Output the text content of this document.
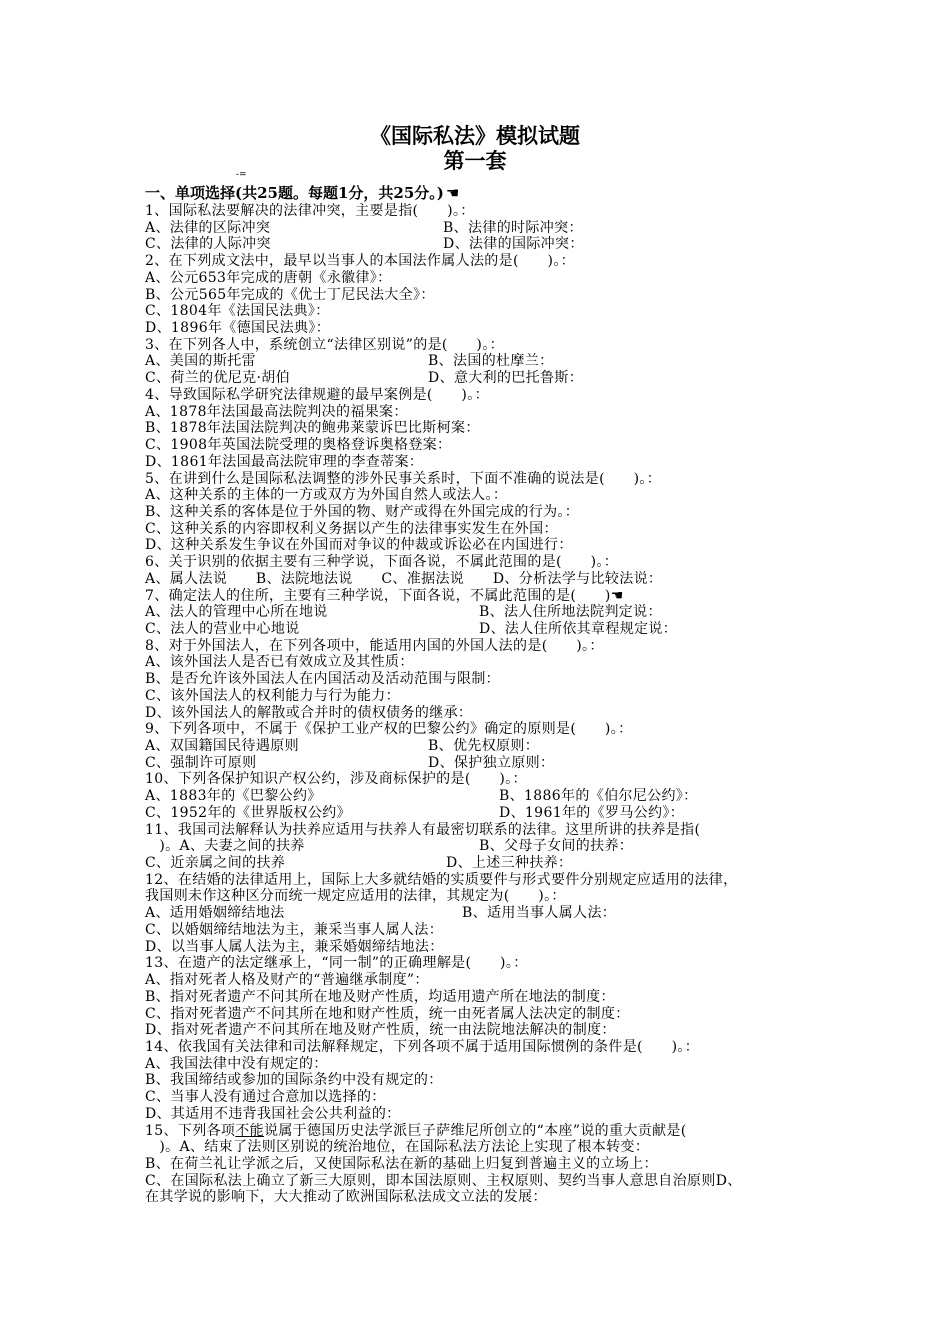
《国际私法》模拟试题
第一套
-=
一、单项选择(共25题。每题1分，共25分。) ☚
1、国际私法要解决的法律冲突，主要是指(　　)。：
A、法律的区际冲突	B、法律的时际冲突：
C、法律的人际冲突	D、法律的国际冲突：
2、在下列成文法中，最早以当事人的本国法作属人法的是(　　)。：
A、公元653年完成的唐朝《永徽律》：
B、公元565年完成的《优士丁尼民法大全》：
C、1804年《法国民法典》：
D、1896年《德国民法典》：
3、在下列各人中，系统创立“法律区别说”的是(　　)。：
A、美国的斯托雷	B、法国的杜摩兰：
C、荷兰的优尼克·胡伯	D、意大利的巴托鲁斯：
4、导致国际私学研究法律规避的最早案例是(　　)。：
A、1878年法国最高法院判决的福果案：
B、1878年法国法院判决的鲍弗莱蒙诉巴比斯柯案：
C、1908年英国法院受理的奥格登诉奥格登案：
D、1861年法国最高法院审理的李查蒂案：
5、在讲到什么是国际私法调整的涉外民事关系时，下面不准确的说法是(　　)。：
A、这种关系的主体的一方或双方为外国自然人或法人。：
B、这种关系的客体是位于外国的物、财产或得在外国完成的行为。：
C、这种关系的内容即权利义务据以产生的法律事实发生在外国：
D、这种关系发生争议在外国而对争议的仲裁或诉讼必在内国进行：
6、关于识别的依据主要有三种学说，下面各说，不属此范围的是(　　)。：
A、属人法说　　B、法院地法说　　C、准据法说　　D、分析法学与比较法说：
7、确定法人的住所，主要有三种学说，下面各说，不属此范围的是(　　)☚
A、法人的管理中心所在地说	B、法人住所地法院判定说：
C、法人的营业中心地说	D、法人住所依其章程规定说：
8、对于外国法人，在下列各项中，能适用内国的外国人法的是(　　)。：
A、该外国法人是否已有效成立及其性质：
B、是否允许该外国法人在内国活动及活动范围与限制：
C、该外国法人的权利能力与行为能力：
D、该外国法人的解散或合并时的债权债务的继承：
9、下列各项中，不属于《保护工业产权的巴黎公约》确定的原则是(　　)。：
A、双国籍国民待遇原则	B、优先权原则：
C、强制许可原则	D、保护独立原则：
10、下列各保护知识产权公约，涉及商标保护的是(　　)。：
A、1883年的《巴黎公约》	B、1886年的《伯尔尼公约》：
C、1952年的《世界版权公约》	D、1961年的《罗马公约》：
11、我国司法解释认为扶养应适用与扶养人有最密切联系的法律。这里所讲的扶养是指(
　)。A、夫妻之间的扶养	B、父母子女间的扶养：
C、近亲属之间的扶养	D、上述三种扶养：
12、在结婚的法律适用上，国际上大多就结婚的实质要件与形式要件分别规定应适用的法律，
我国则未作这种区分而统一规定应适用的法律，其规定为(　　)。：
A、适用婚姻缔结地法	B、适用当事人属人法：
C、以婚姻缔结地法为主，兼采当事人属人法：
D、以当事人属人法为主，兼采婚姻缔结地法：
13、在遗产的法定继承上，“同一制”的正确理解是(　　)。：
A、指对死者人格及财产的“普遍继承制度”：
B、指对死者遗产不问其所在地及财产性质，均适用遗产所在地法的制度：
C、指对死者遗产不问其所在地和财产性质，统一由死者属人法决定的制度：
D、指对死者遗产不问其所在地及财产性质，统一由法院地法解决的制度：
14、依我国有关法律和司法解释规定，下列各项不属于适用国际惯例的条件是(　　)。：
A、我国法律中没有规定的：
B、我国缔结或参加的国际条约中没有规定的：
C、当事人没有通过合意加以选择的：
D、其适用不违背我国社会公共利益的：
15、下列各项不能说属于德国历史法学派巨子萨维尼所创立的“本座”说的重大贡献是(
　)。A、结束了法则区别说的统治地位，在国际私法方法论上实现了根本转变：
B、在荷兰礼让学派之后，又使国际私法在新的基础上归复到普遍主义的立场上：
C、在国际私法上确立了新三大原则，即本国法原则、主权原则、契约当事人意思自治原则D、
在其学说的影响下，大大推动了欧洲国际私法成文立法的发展：
